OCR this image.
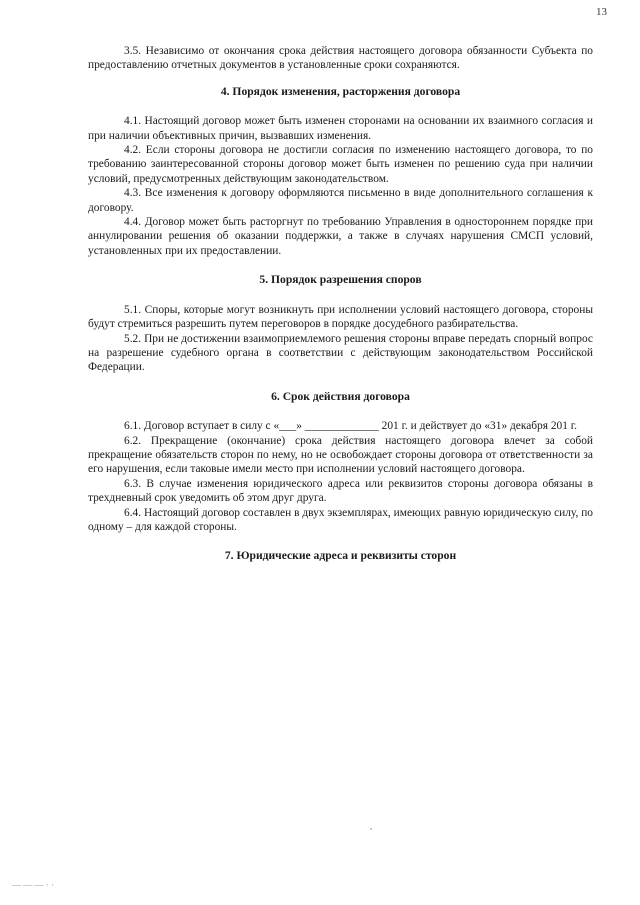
13

3.5. Независимо от окончания срока действия настоящего договора обязанности Субъекта по предоставлению отчетных документов в установленные сроки сохраняются.

4. Порядок изменения, расторжения договора

4.1. Настоящий договор может быть изменен сторонами на основании их взаимного согласия и при наличии объективных причин, вызвавших изменения.

4.2. Если стороны договора не достигли согласия по изменению настоящего договора, то по требованию заинтересованной стороны договор может быть изменен по решению суда при наличии условий, предусмотренных действующим законодательством.

4.3. Все изменения к договору оформляются письменно в виде дополнительного соглашения к договору.

4.4. Договор может быть расторгнут по требованию Управления в одностороннем порядке при аннулировании решения об оказании поддержки, а также в случаях нарушения СМСП условий, установленных при их предоставлении.

5. Порядок разрешения споров

5.1. Споры, которые могут возникнуть при исполнении условий настоящего договора, стороны будут стремиться разрешить путем переговоров в порядке досудебного разбирательства.

5.2. При не достижении взаимоприемлемого решения стороны вправе передать спорный вопрос на разрешение судебного органа в соответствии с действующим законодательством Российской Федерации.

6. Срок действия договора

6.1. Договор вступает в силу с «___» _____________ 201 г. и действует до «31» декабря 201 г.

6.2. Прекращение (окончание) срока действия настоящего договора влечет за собой прекращение обязательств сторон по нему, но не освобождает стороны договора от ответственности за его нарушения, если таковые имели место при исполнении условий настоящего договора.

6.3. В случае изменения юридического адреса или реквизитов стороны договора обязаны в трехдневный срок уведомить об этом друг друга.

6.4. Настоящий договор составлен в двух экземплярах, имеющих равную юридическую силу, по одному – для каждой стороны.

7. Юридические адреса и реквизиты сторон
— — — · ·
